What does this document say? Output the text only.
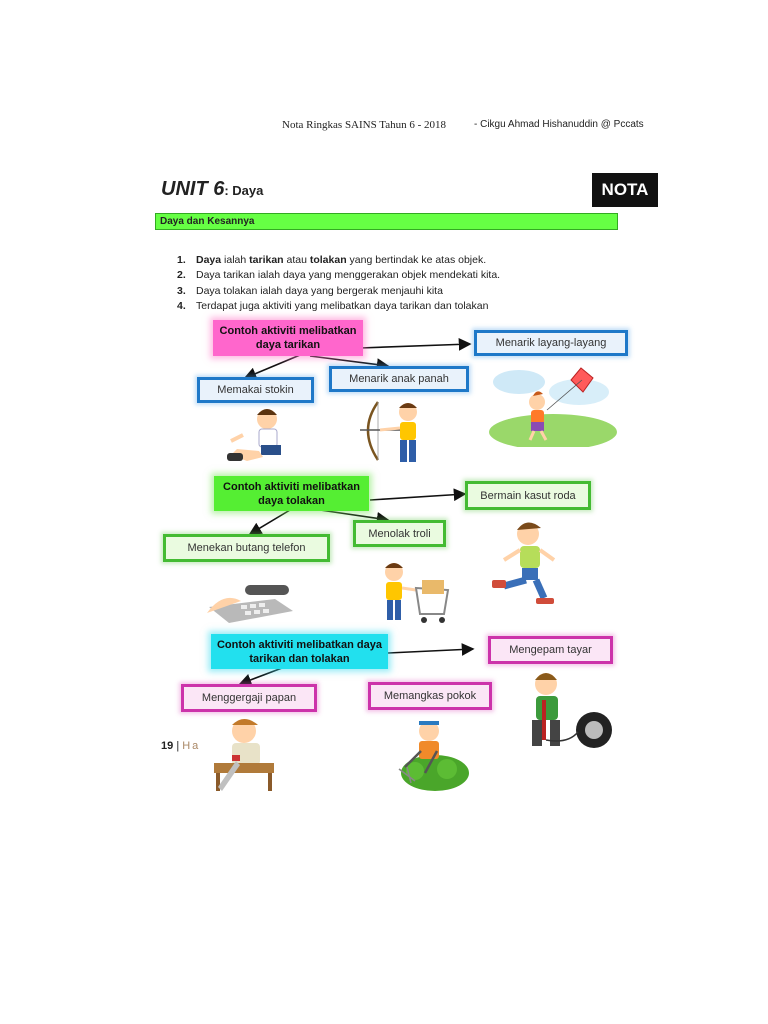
Nota Ringkas SAINS Tahun 6 - 2018	- Cikgu Ahmad Hishanuddin @ Pccats
UNIT 6: Daya	NOTA
Daya dan Kesannya
1. Daya ialah tarikan atau tolakan yang bertindak ke atas objek.
2. Daya tarikan ialah daya yang menggerakan objek mendekati kita.
3. Daya tolakan ialah daya yang bergerak menjauhi kita
4. Terdapat juga aktiviti yang melibatkan daya tarikan dan tolakan
Contoh aktiviti melibatkan daya tarikan	Menarik layang-layang
Menarik anak panah
Memakai stokin
Contoh aktiviti melibatkan daya tolakan	Bermain kasut roda
Menolak troli
Menekan butang telefon
Contoh aktiviti melibatkan daya tarikan dan tolakan
Mengepam tayar
Memangkas pokok
Menggergaji papan
19 | Ha
